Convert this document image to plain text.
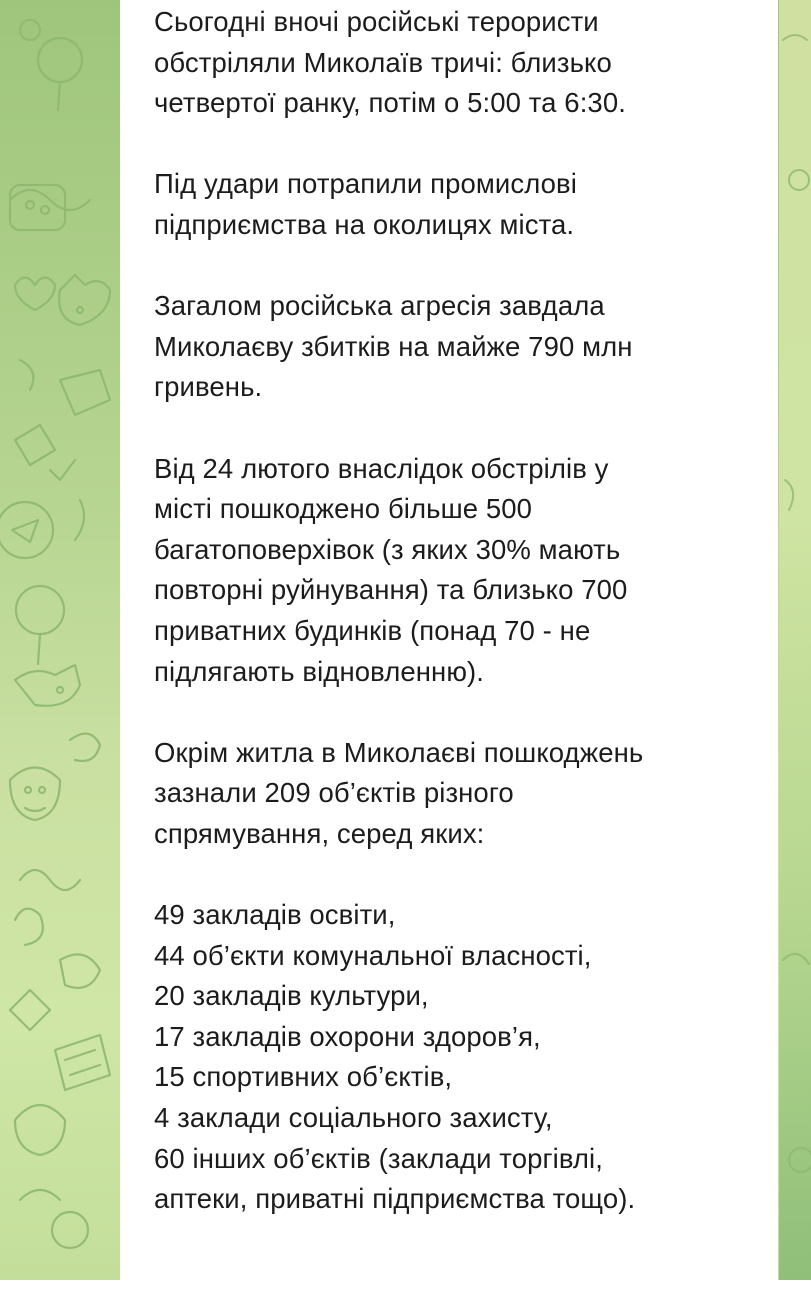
Сьогодні вночі російські терористи
обстріляли Миколаїв тричі: близько
четвертої ранку, потім о 5:00 та 6:30.
Під удари потрапили промислові
підприємства на околицях міста.
Загалом російська агресія завдала
Миколаєву збитків на майже 790 млн
гривень.
Від 24 лютого внаслідок обстрілів у
місті пошкоджено більше 500
багатоповерхівок (з яких 30% мають
повторні руйнування) та близько 700
приватних будинків (понад 70 - не
підлягають відновленню).
Окрім житла в Миколаєві пошкоджень
зазнали 209 об’єктів різного
спрямування, серед яких:
49 закладів освіти,
44 об’єкти комунальної власності,
20 закладів культури,
17 закладів охорони здоров’я,
15 спортивних об’єктів,
4 заклади соціального захисту,
60 інших об’єктів (заклади торгівлі,
аптеки, приватні підприємства тощо).
